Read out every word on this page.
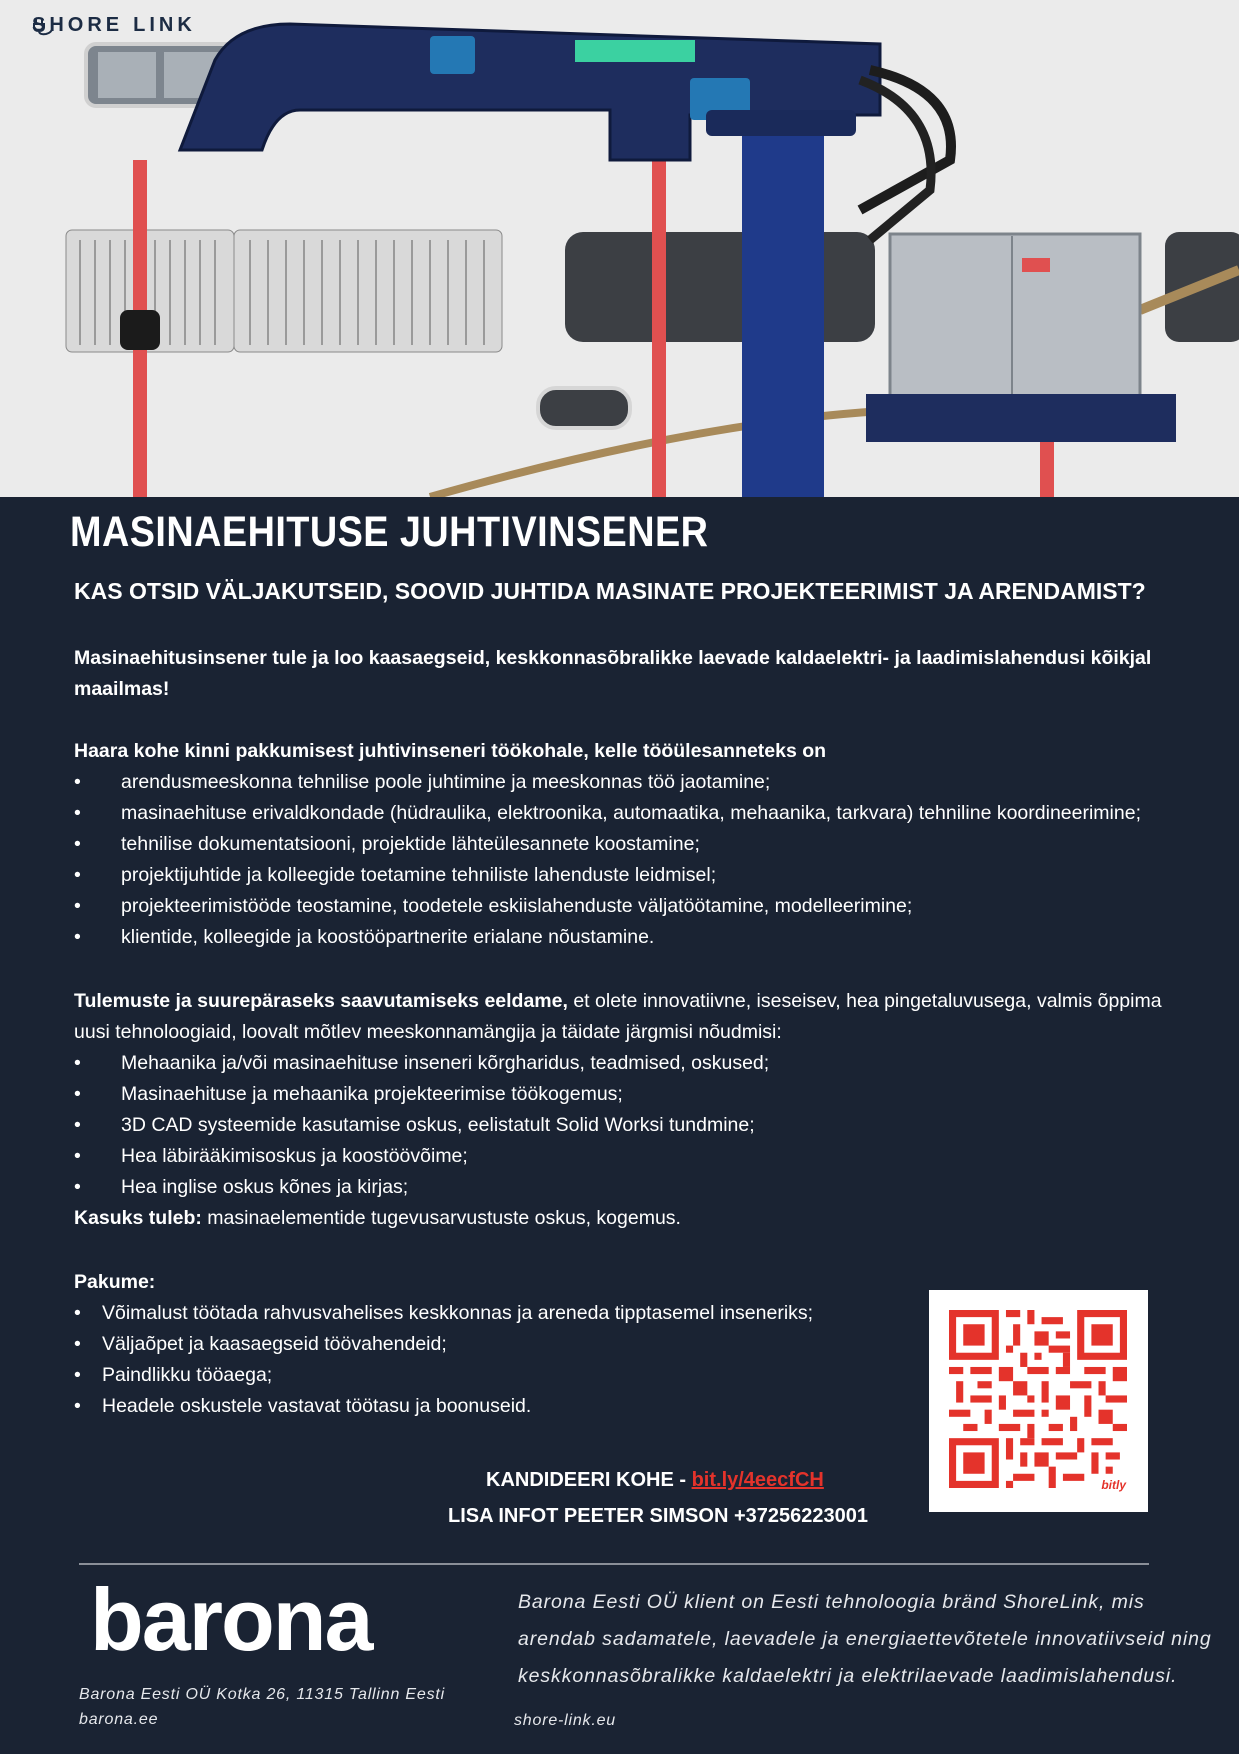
SHORE LINK
MASINAEHITUSE JUHTIVINSENER
KAS OTSID VÄLJAKUTSEID, SOOVID JUHTIDA MASINATE PROJEKTEERIMIST JA ARENDAMIST?
Masinaehitusinsener tule ja loo kaasaegseid, keskkonnasõbralikke laevade kaldaelektri- ja laadimislahendusi kõikjal maailmas!
Haara kohe kinni pakkumisest juhtivinseneri töökohale, kelle tööülesanneteks on
• arendusmeeskonna tehnilise poole juhtimine ja meeskonnas töö jaotamine;
• masinaehituse erivaldkondade (hüdraulika, elektroonika, automaatika, mehaanika, tarkvara) tehniline koordineerimine;
• tehnilise dokumentatsiooni, projektide lähteülesannete koostamine;
• projektijuhtide ja kolleegide toetamine tehniliste lahenduste leidmisel;
• projekteerimistööde teostamine, toodetele eskiislahenduste väljatöötamine, modelleerimine;
• klientide, kolleegide ja koostööpartnerite erialane nõustamine.
Tulemuste ja suurepäraseks saavutamiseks eeldame, et olete innovatiivne, iseseisev, hea pingetaluvusega, valmis õppima
uusi tehnoloogiaid, loovalt mõtlev meeskonnamängija ja täidate järgmisi nõudmisi:
• Mehaanika ja/või masinaehituse inseneri kõrgharidus, teadmised, oskused;
• Masinaehituse ja mehaanika projekteerimise töökogemus;
• 3D CAD systeemide kasutamise oskus, eelistatult Solid Worksi tundmine;
• Hea läbirääkimisoskus ja koostöövõime;
• Hea inglise oskus kõnes ja kirjas;
Kasuks tuleb: masinaelementide tugevusarvustuste oskus, kogemus.
Pakume:
• Võimalust töötada rahvusvahelises keskkonnas ja areneda tipptasemel inseneriks;
• Väljaõpet ja kaasaegseid töövahendeid;
• Paindlikku tööaega;
• Headele oskustele vastavat töötasu ja boonuseid.
KANDIDEERI KOHE - bit.ly/4eecfCH
LISA INFOT PEETER SIMSON +37256223001
bitly
barona
Barona Eesti OÜ Kotka 26, 11315 Tallinn Eesti
barona.ee
Barona Eesti OÜ klient on Eesti tehnoloogia bränd ShoreLink, mis
arendab sadamatele, laevadele ja energiaettevõtetele innovatiivseid ning
keskkonnasõbralikke kaldaelektri ja elektrilaevade laadimislahendusi.
shore-link.eu
